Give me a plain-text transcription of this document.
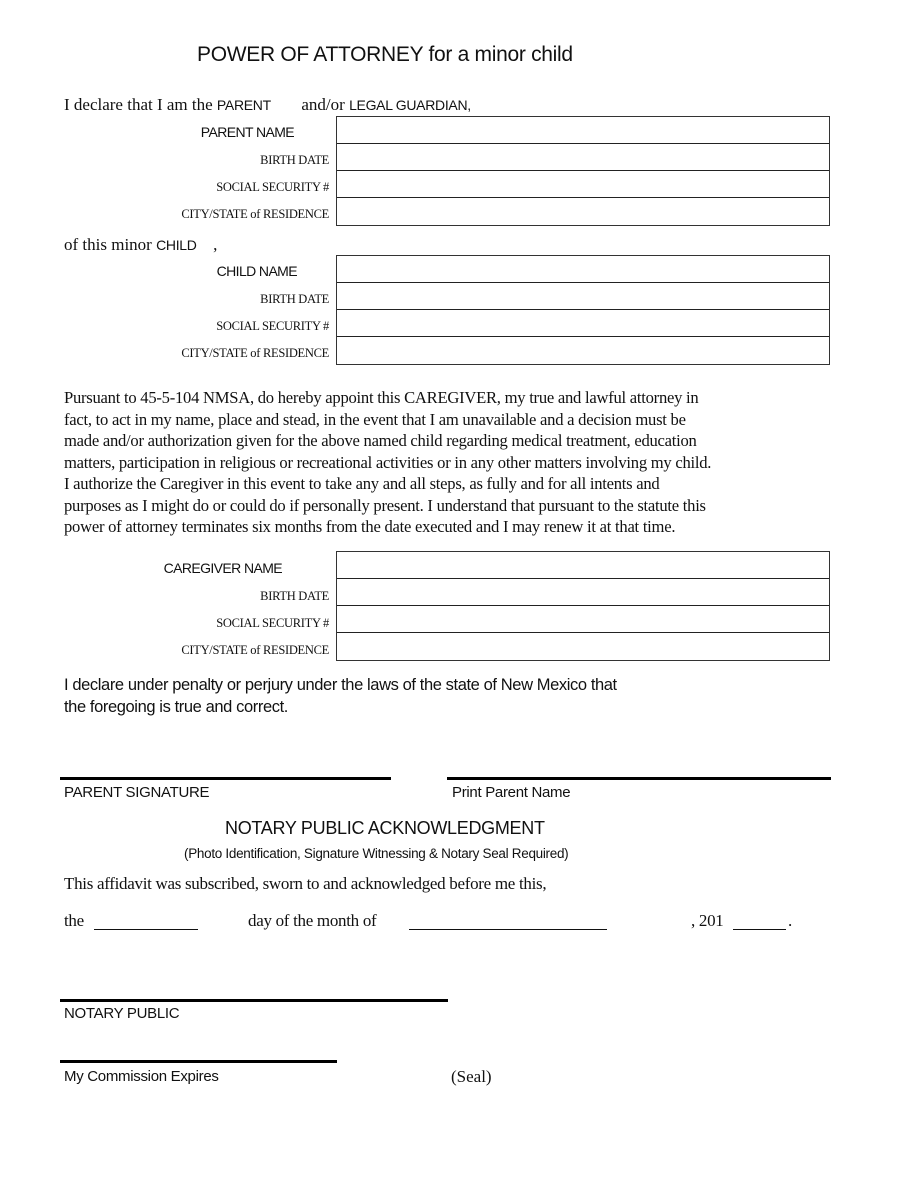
POWER OF ATTORNEY for a minor child
I declare that I am the PARENT and/or LEGAL GUARDIAN,
PARENT NAME
BIRTH DATE
SOCIAL SECURITY #
CITY/STATE of RESIDENCE
of this minor CHILD ,
CHILD NAME
BIRTH DATE
SOCIAL SECURITY #
CITY/STATE of RESIDENCE

Pursuant to 45-5-104 NMSA, do hereby appoint this CAREGIVER, my true and lawful attorney in

fact, to act in my name, place and stead, in the event that I am unavailable and a decision must be

made and/or authorization given for the above named child regarding medical treatment, education

matters, participation in religious or recreational activities or in any other matters involving my child.

I authorize the Caregiver in this event to take any and all steps, as fully and for all intents and

purposes as I might do or could do if personally present. I understand that pursuant to the statute this

power of attorney terminates six months from the date executed and I may renew it at that time.

CAREGIVER NAME
BIRTH DATE
SOCIAL SECURITY #
CITY/STATE of RESIDENCE
I declare under penalty or perjury under the laws of the state of New Mexico that
the foregoing is true and correct.
PARENT SIGNATURE	Print Parent Name
NOTARY PUBLIC ACKNOWLEDGMENT
(Photo Identification, Signature Witnessing & Notary Seal Required)
This affidavit was subscribed, sworn to and acknowledged before me this,
the	day of the month of	, 201	.
NOTARY PUBLIC
My Commission Expires	(Seal)
